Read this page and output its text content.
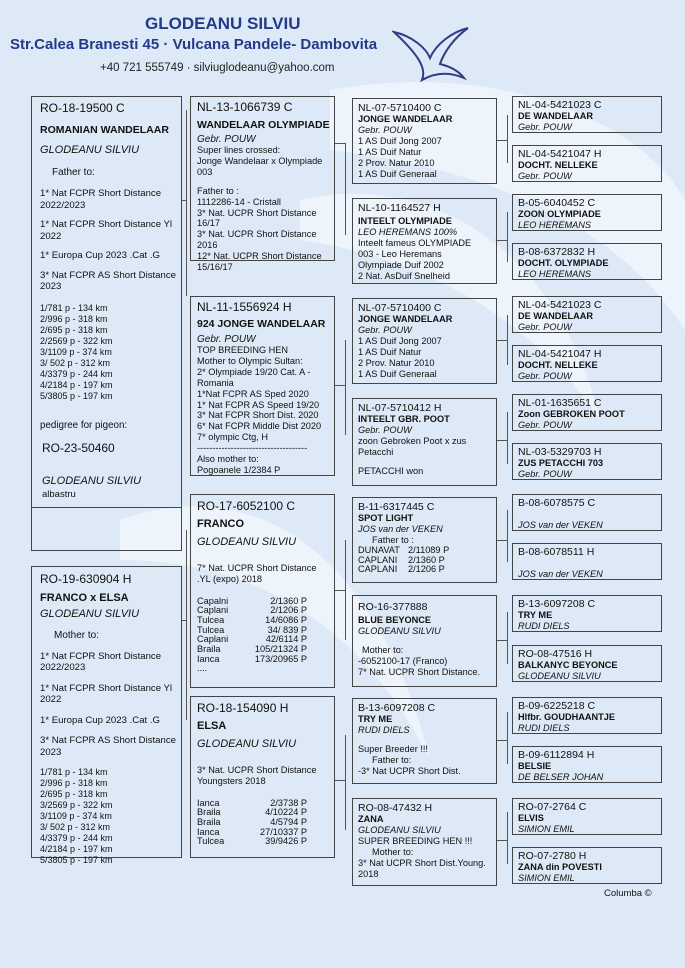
GLODEANU SILVIU
Str.Calea Branesti 45 · Vulcana Pandele- Dambovita
+40 721 555749 · silviuglodeanu@yahoo.com
RO-18-19500 C
ROMANIAN WANDELAAR
GLODEANU SILVIU
Father to:
1* Nat FCPR Short Distance 2022/2023
1* Nat FCPR Short Distance Yl 2022
1* Europa Cup 2023 .Cat .G
3* Nat FCPR AS Short Distance 2023
1/781 p - 134 km
2/996 p - 318 km
2/695 p - 318 km
2/2569 p - 322 km
3/1109 p - 374 km
3/ 502 p - 312 km
4/3379 p - 244 km
4/2184 p - 197 km
5/3805 p - 197 km
pedigree for pigeon:
RO-23-50460
GLODEANU SILVIU
albastru
RO-19-630904 H
FRANCO x ELSA
GLODEANU SILVIU
Mother to:
1* Nat FCPR Short Distance 2022/2023
1* Nat FCPR Short Distance Yl 2022
1* Europa Cup 2023 .Cat .G
3* Nat FCPR AS Short Distance 2023
1/781 p - 134 km
2/996 p - 318 km
2/695 p - 318 km
3/2569 p - 322 km
3/1109 p - 374 km
3/ 502 p - 312 km
4/3379 p - 244 km
4/2184 p - 197 km
5/3805 p - 197 km
NL-13-1066739 C
WANDELAAR OLYMPIADE
Gebr. POUW
Super lines crossed:
Jonge Wandelaar x Olympiade
003
Father to :
1112286-14 - Cristall
3* Nat. UCPR Short Distance
16/17
3* Nat. UCPR Short Distance
2016
12* Nat. UCPR Short Distance
15/16/17
NL-11-1556924 H
924 JONGE WANDELAAR
Gebr. POUW
TOP BREEDING HEN
Mother to Olympic Sultan:
2* Olympiade 19/20 Cat. A -
Romania
1*Nat FCPR AS Sped 2020
1* Nat FCPR AS Speed 19/20
3* Nat FCPR Short Dist. 2020
6* Nat FCPR Middle Dist 2020
7* olympic Ctg, H
------------------------------------
Also mother to:
Pogoanele 1/2384 P
RO-17-6052100 C
FRANCO
GLODEANU SILVIU
7* Nat. UCPR Short Distance
.YL (expo) 2018
Capalni	2/1360 P
Caplani	2/1206 P
Tulcea	14/6086 P
Tulcea	34/ 839 P
Caplani	42/6114 P
Braila	105/21324 P
Ianca	173/20965 P
....	
RO-18-154090 H
ELSA
GLODEANU SILVIU
3* Nat. UCPR Short Distance
Youngsters 2018
Ianca	2/3738 P
Braila	4/10224 P
Braila	4/5794 P
Ianca	27/10337 P
Tulcea	39/9426 P
NL-07-5710400 C
JONGE WANDELAAR
Gebr. POUW
1 AS Duif Jong 2007
1 AS Duif Natur
2 Prov. Natur 2010
1 AS Duif Generaal
NL-10-1164527 H
INTEELT OLYMPIADE
LEO HEREMANS 100%
Inteelt fameus OLYMPIADE
003 - Leo Heremans
Olympiade Duif 2002
2 Nat. AsDuif Snelheid
NL-07-5710400 C
JONGE WANDELAAR
Gebr. POUW
1 AS Duif Jong 2007
1 AS Duif Natur
2 Prov. Natur 2010
1 AS Duif Generaal
NL-07-5710412 H
INTEELT GBR. POOT
Gebr. POUW
zoon Gebroken Poot x zus
Petacchi
PETACCHI won
B-11-6317445 C
SPOT LIGHT
JOS van der VEKEN
Father to :
DUNAVAT	2/11089 P
CAPLANI	2/1360 P
CAPLANI	2/1206 P
RO-16-377888
BLUE BEYONCE
GLODEANU SILVIU
Mother to:
-6052100-17 (Franco)
7* Nat. UCPR Short Distance.
B-13-6097208 C
TRY ME
RUDI DIELS
Super Breeder !!!
Father to:
-3* Nat UCPR Short Dist.
RO-08-47432 H
ZANA
GLODEANU SILVIU
SUPER BREEDING HEN !!!
Mother to:
3* Nat UCPR Short Dist.Young.
2018
NL-04-5421023 C
DE WANDELAAR
Gebr. POUW
NL-04-5421047 H
DOCHT. NELLEKE
Gebr. POUW
B-05-6040452 C
ZOON OLYMPIADE
LEO HEREMANS
B-08-6372832 H
DOCHT. OLYMPIADE
LEO HEREMANS
NL-04-5421023 C
DE WANDELAAR
Gebr. POUW
NL-04-5421047 H
DOCHT. NELLEKE
Gebr. POUW
NL-01-1635651 C
Zoon GEBROKEN POOT
Gebr. POUW
NL-03-5329703 H
ZUS PETACCHI 703
Gebr. POUW
B-08-6078575 C
JOS van der VEKEN
B-08-6078511 H
JOS van der VEKEN
B-13-6097208 C
TRY ME
RUDI DIELS
RO-08-47516 H
BALKANYC BEYONCE
GLODEANU SILVIU
B-09-6225218 C
Hlfbr. GOUDHAANTJE
RUDI DIELS
B-09-6112894 H
BELSIE
DE BELSER JOHAN
RO-07-2764 C
ELVIS
SIMION EMIL
RO-07-2780 H
ZANA din POVESTI
SIMION EMIL
Columba ©
